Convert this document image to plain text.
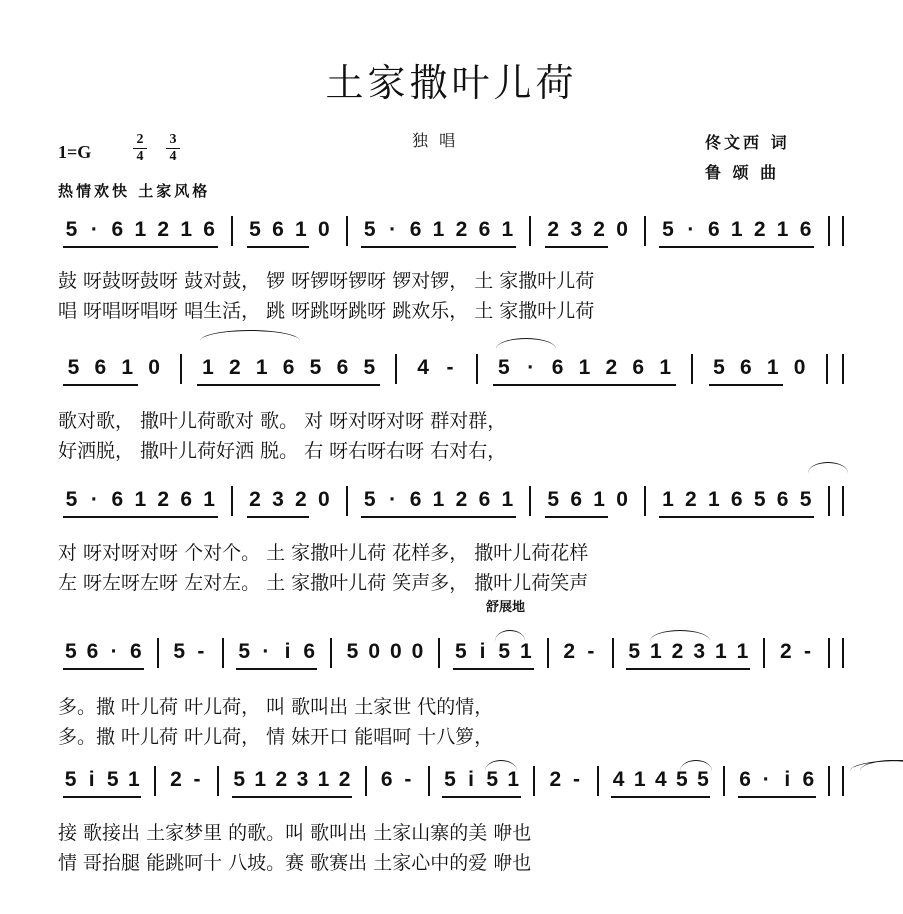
土家撒叶儿荷
独 唱
1=G	$\frac{2}{4} \frac{3}{4}$	佟文西 词
鲁 颂 曲
热情欢快 土家风格
舒展地
5 · 6 1 2 1 6 5 6 1 0 5 · 6 1 2 6 1 2 3 2 0 5 · 6 1 2 1 6
鼓 呀鼓呀鼓呀 鼓对鼓， 锣 呀锣呀锣呀 锣对锣， 土 家撒叶儿荷
唱 呀唱呀唱呀 唱生活， 跳 呀跳呀跳呀 跳欢乐， 土 家撒叶儿荷
5 6 1 0 1 2 1 6 5 6 5 4 - 5 · 6 1 2 6 1 5 6 1 0
歌对歌， 撒叶儿荷歌对 歌。 对 呀对呀对呀 群对群，
好洒脱， 撒叶儿荷好洒 脱。 右 呀右呀右呀 右对右，
5 · 6 1 2 6 1 2 3 2 0 5 · 6 1 2 6 1 5 6 1 0 1 2 1 6 5 6 5
对 呀对呀对呀 个对个。 土 家撒叶儿荷 花样多， 撒叶儿荷花样
左 呀左呀左呀 左对左。 土 家撒叶儿荷 笑声多， 撒叶儿荷笑声
5 6 · 6 5 - 5 · i 6 5 0 0 0 5 i 5 1 2 - 5 1 2 3 1 1 2 -
多。撒 叶儿荷 叶儿荷， 叫 歌叫出 土家世 代的情，
多。撒 叶儿荷 叶儿荷， 情 妹开口 能唱呵 十八箩，
5 i 5 1 2 - 5 1 2 3 1 2 6 - 5 i 5 1 2 - 4 1 4 5 5 6 · i 6
接 歌接出 土家梦里 的歌。叫 歌叫出 土家山寨的美 咿也
情 哥抬腿 能跳呵十 八坡。赛 歌赛出 土家心中的爱 咿也
